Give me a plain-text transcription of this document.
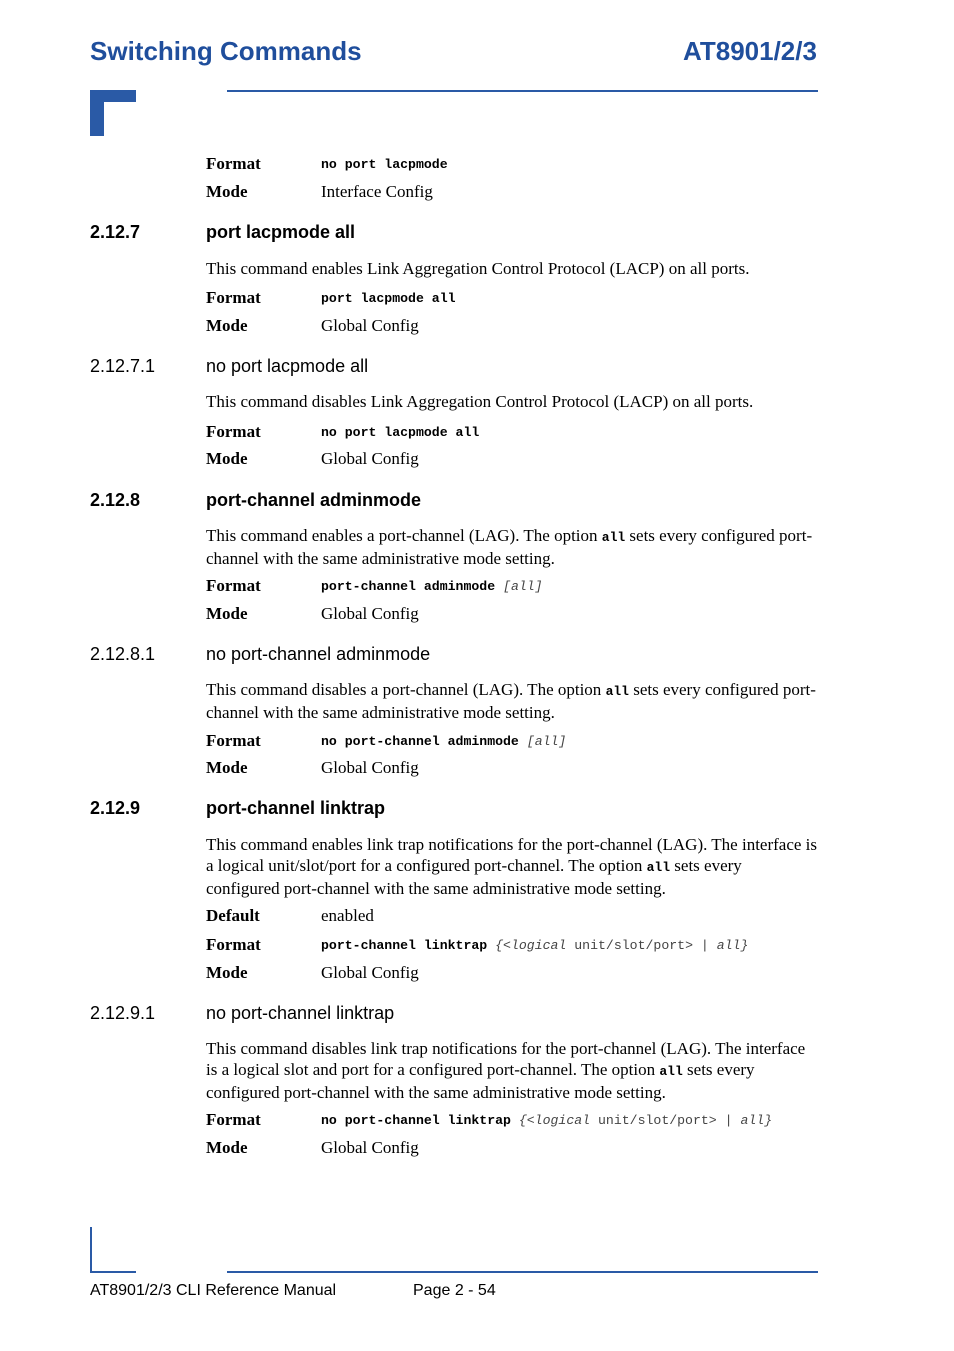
Switching Commands	AT8901/2/3
Format	no port lacpmode
Mode	Interface Config
2.12.7	port lacpmode all
This command enables Link Aggregation Control Protocol (LACP) on all ports.
Format	port lacpmode all
Mode	Global Config
2.12.7.1	no port lacpmode all
This command disables Link Aggregation Control Protocol (LACP) on all ports.
Format	no port lacpmode all
Mode	Global Config
2.12.8	port-channel adminmode
This command enables a port-channel (LAG). The option all sets every configured port-channel with the same administrative mode setting.
Format	port-channel adminmode [all]
Mode	Global Config
2.12.8.1	no port-channel adminmode
This command disables a port-channel (LAG). The option all sets every configured port-channel with the same administrative mode setting.
Format	no port-channel adminmode [all]
Mode	Global Config
2.12.9	port-channel linktrap
This command enables link trap notifications for the port-channel (LAG). The interface is a logical unit/slot/port for a configured port-channel. The option all sets every configured port-channel with the same administrative mode setting.
Default	enabled
Format	port-channel linktrap {<logical unit/slot/port> | all}
Mode	Global Config
2.12.9.1	no port-channel linktrap
This command disables link trap notifications for the port-channel (LAG). The interface is a logical slot and port for a configured port-channel. The option all sets every configured port-channel with the same administrative mode setting.
Format	no port-channel linktrap {<logical unit/slot/port> | all}
Mode	Global Config
AT8901/2/3 CLI Reference Manual	Page 2 - 54
